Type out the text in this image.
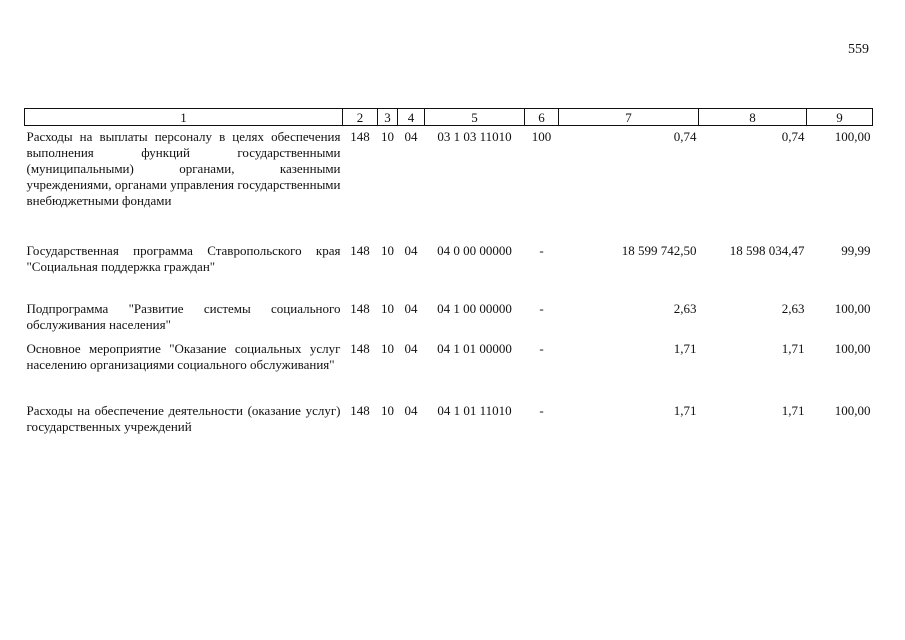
559
1	2	3	4	5	6	7	8	9
Расходы на выплаты персоналу в целях обеспечения выполнения функций государственными (муниципальными) органами, казенными учреждениями, органами управления государственными внебюджетными фондами	148	10	04	03 1 03 11010	100	0,74	0,74	100,00
Государственная программа Ставропольского края "Социальная поддержка граждан"	148	10	04	04 0 00 00000	-	18 599 742,50	18 598 034,47	99,99
Подпрограмма "Развитие системы социального обслуживания населения"	148	10	04	04 1 00 00000	-	2,63	2,63	100,00
Основное мероприятие "Оказание социальных услуг населению организациями социального обслуживания"	148	10	04	04 1 01 00000	-	1,71	1,71	100,00
Расходы на обеспечение деятельности (оказание услуг) государственных учреждений	148	10	04	04 1 01 11010	-	1,71	1,71	100,00
